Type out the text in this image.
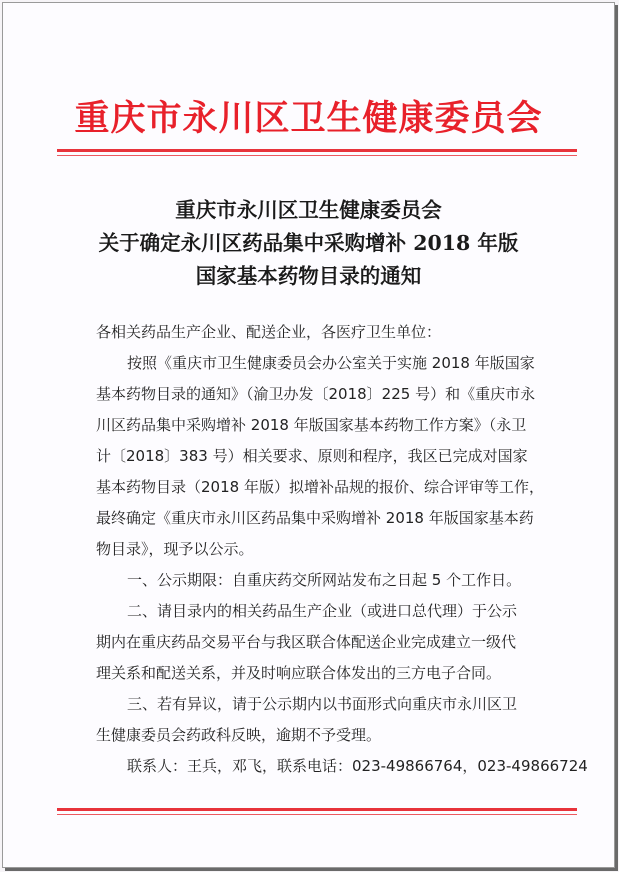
重庆市永川区卫生健康委员会
重庆市永川区卫生健康委员会
关于确定永川区药品集中采购增补 2018 年版
国家基本药物目录的通知
各相关药品生产企业、配送企业，各医疗卫生单位：
按照《重庆市卫生健康委员会办公室关于实施 2018 年版国家
基本药物目录的通知》（渝卫办发〔2018〕225 号）和《重庆市永
川区药品集中采购增补 2018 年版国家基本药物工作方案》（永卫
计〔2018〕383 号）相关要求、原则和程序，我区已完成对国家
基本药物目录（2018 年版）拟增补品规的报价、综合评审等工作，
最终确定《重庆市永川区药品集中采购增补 2018 年版国家基本药
物目录》，现予以公示。
一、公示期限：自重庆药交所网站发布之日起 5 个工作日。
二、请目录内的相关药品生产企业（或进口总代理）于公示
期内在重庆药品交易平台与我区联合体配送企业完成建立一级代
理关系和配送关系，并及时响应联合体发出的三方电子合同。
三、若有异议，请于公示期内以书面形式向重庆市永川区卫
生健康委员会药政科反映，逾期不予受理。
联系人：王兵，邓飞，联系电话：023-49866764，023-49866724
